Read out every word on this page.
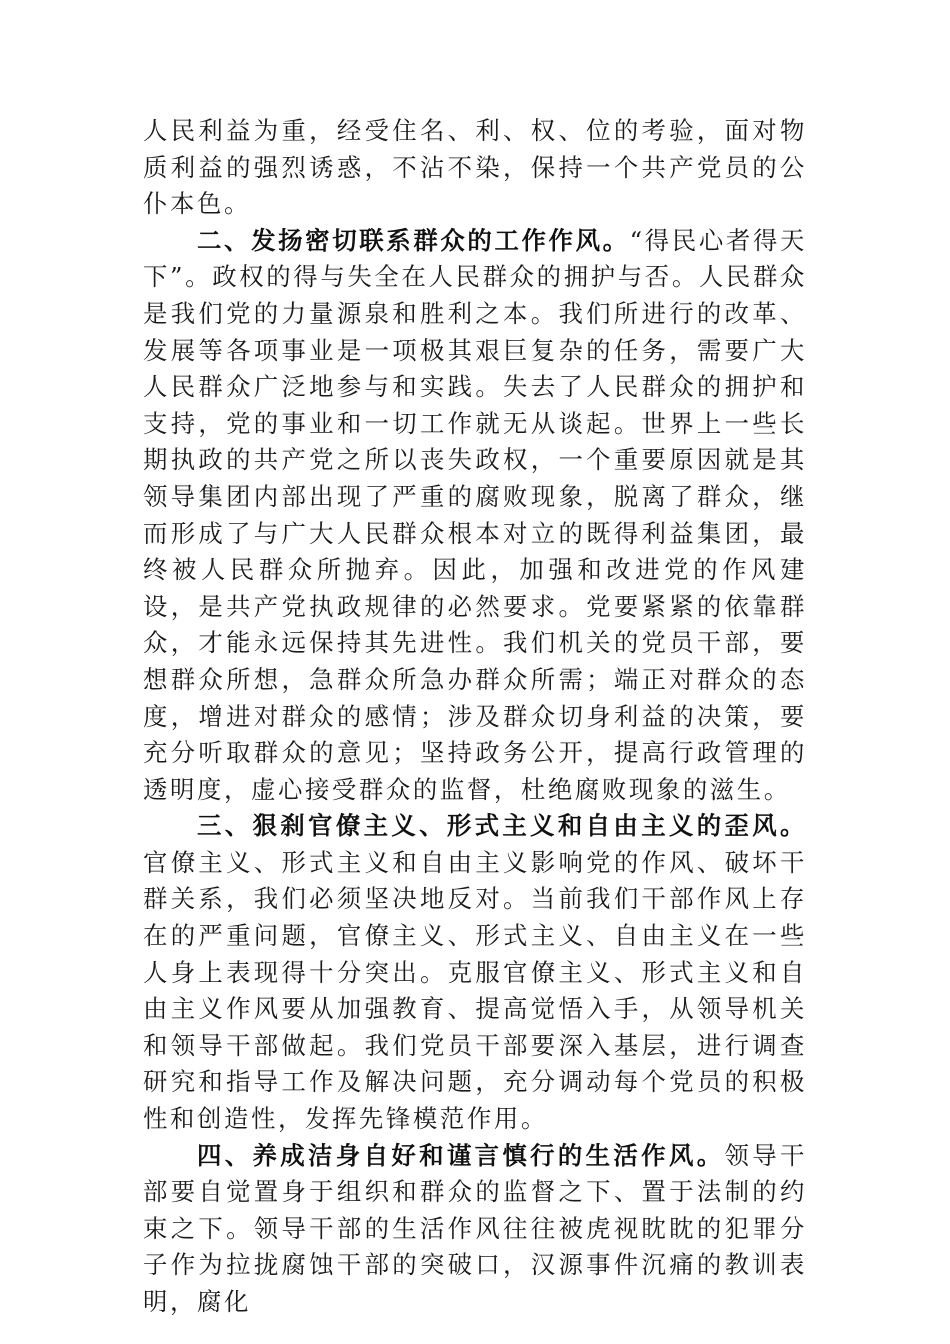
人民利益为重，经受住名、利、权、位的考验，面对物质利益的强烈诱惑，不沾不染，保持一个共产党员的公仆本色。

二、发扬密切联系群众的工作作风。“得民心者得天下”。政权的得与失全在人民群众的拥护与否。人民群众是我们党的力量源泉和胜利之本。我们所进行的改革、发展等各项事业是一项极其艰巨复杂的任务，需要广大人民群众广泛地参与和实践。失去了人民群众的拥护和支持，党的事业和一切工作就无从谈起。世界上一些长期执政的共产党之所以丧失政权，一个重要原因就是其领导集团内部出现了严重的腐败现象，脱离了群众，继而形成了与广大人民群众根本对立的既得利益集团，最终被人民群众所抛弃。因此，加强和改进党的作风建设，是共产党执政规律的必然要求。党要紧紧的依靠群众，才能永远保持其先进性。我们机关的党员干部，要想群众所想，急群众所急办群众所需；端正对群众的态度，增进对群众的感情；涉及群众切身利益的决策，要充分听取群众的意见；坚持政务公开，提高行政管理的透明度，虚心接受群众的监督，杜绝腐败现象的滋生。

三、狠刹官僚主义、形式主义和自由主义的歪风。官僚主义、形式主义和自由主义影响党的作风、破坏干群关系，我们必须坚决地反对。当前我们干部作风上存在的严重问题，官僚主义、形式主义、自由主义在一些人身上表现得十分突出。克服官僚主义、形式主义和自由主义作风要从加强教育、提高觉悟入手，从领导机关和领导干部做起。我们党员干部要深入基层，进行调查研究和指导工作及解决问题，充分调动每个党员的积极性和创造性，发挥先锋模范作用。

四、养成洁身自好和谨言慎行的生活作风。领导干部要自觉置身于组织和群众的监督之下、置于法制的约束之下。领导干部的生活作风往往被虎视眈眈的犯罪分子作为拉拢腐蚀干部的突破口，汉源事件沉痛的教训表明，腐化
